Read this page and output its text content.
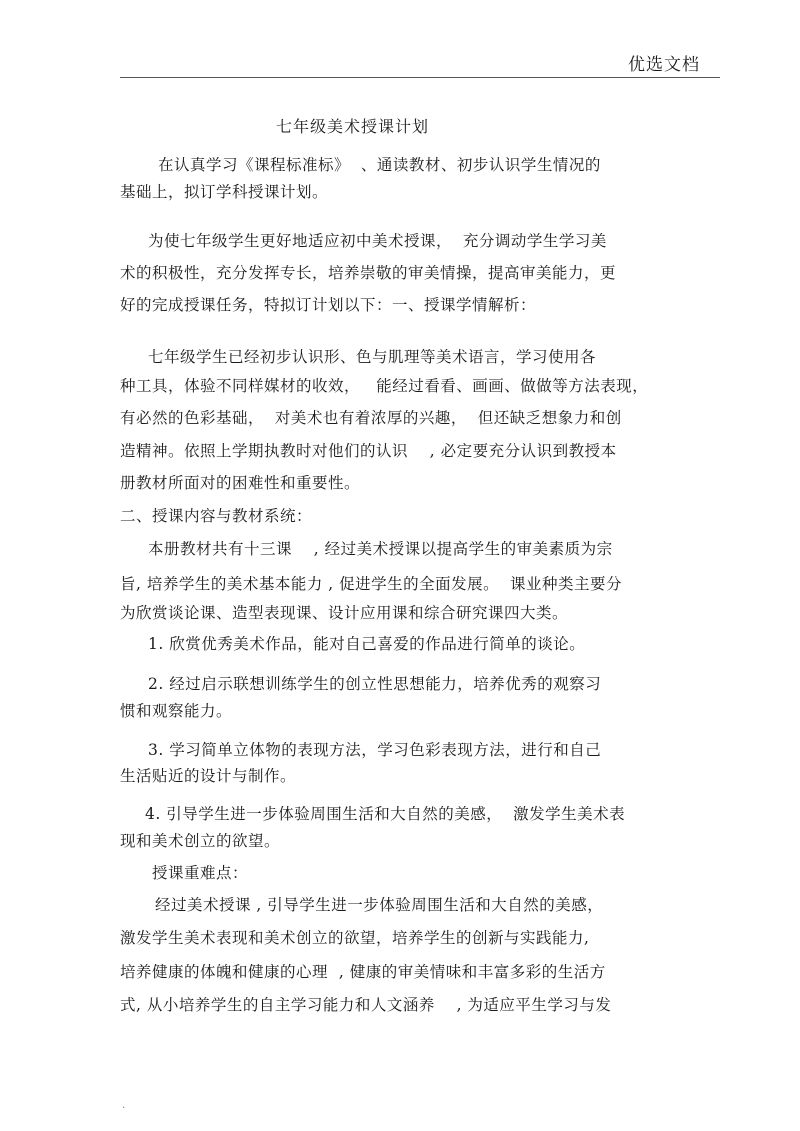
优选文档
七年级美术授课计划
在认真学习《课程标准标》  、通读教材、初步认识学生情况的
基础上，拟订学科授课计划。
为使七年级学生更好地适应初中美术授课，  充分调动学生学习美
术的积极性，充分发挥专长，培养崇敬的审美情操，提高审美能力，更
好的完成授课任务，特拟订计划以下：一、授课学情解析：
七年级学生已经初步认识形、色与肌理等美术语言，学习使用各
种工具，体验不同样媒材的收效，   能经过看看、画画、做做等方法表现，
有必然的色彩基础，  对美术也有着浓厚的兴趣，  但还缺乏想象力和创
造精神。依照上学期执教时对他们的认识    , 必定要充分认识到教授本
册教材所面对的困难性和重要性。
二、授课内容与教材系统：
本册教材共有十三课    , 经过美术授课以提高学生的审美素质为宗
旨, 培养学生的美术基本能力 , 促进学生的全面发展。  课业种类主要分
为欣赏谈论课、造型表现课、设计应用课和综合研究课四大类。
1. 欣赏优秀美术作品，能对自己喜爱的作品进行简单的谈论。
2. 经过启示联想训练学生的创立性思想能力，培养优秀的观察习
惯和观察能力。
3. 学习简单立体物的表现方法，学习色彩表现方法，进行和自己
生活贴近的设计与制作。
4. 引导学生进一步体验周围生活和大自然的美感，  激发学生美术表
现和美术创立的欲望。
授课重难点：
经过美术授课 , 引导学生进一步体验周围生活和大自然的美感，
激发学生美术表现和美术创立的欲望，培养学生的创新与实践能力,
培养健康的体魄和健康的心理  , 健康的审美情味和丰富多彩的生活方
式, 从小培养学生的自主学习能力和人文涵养    , 为适应平生学习与发
.
